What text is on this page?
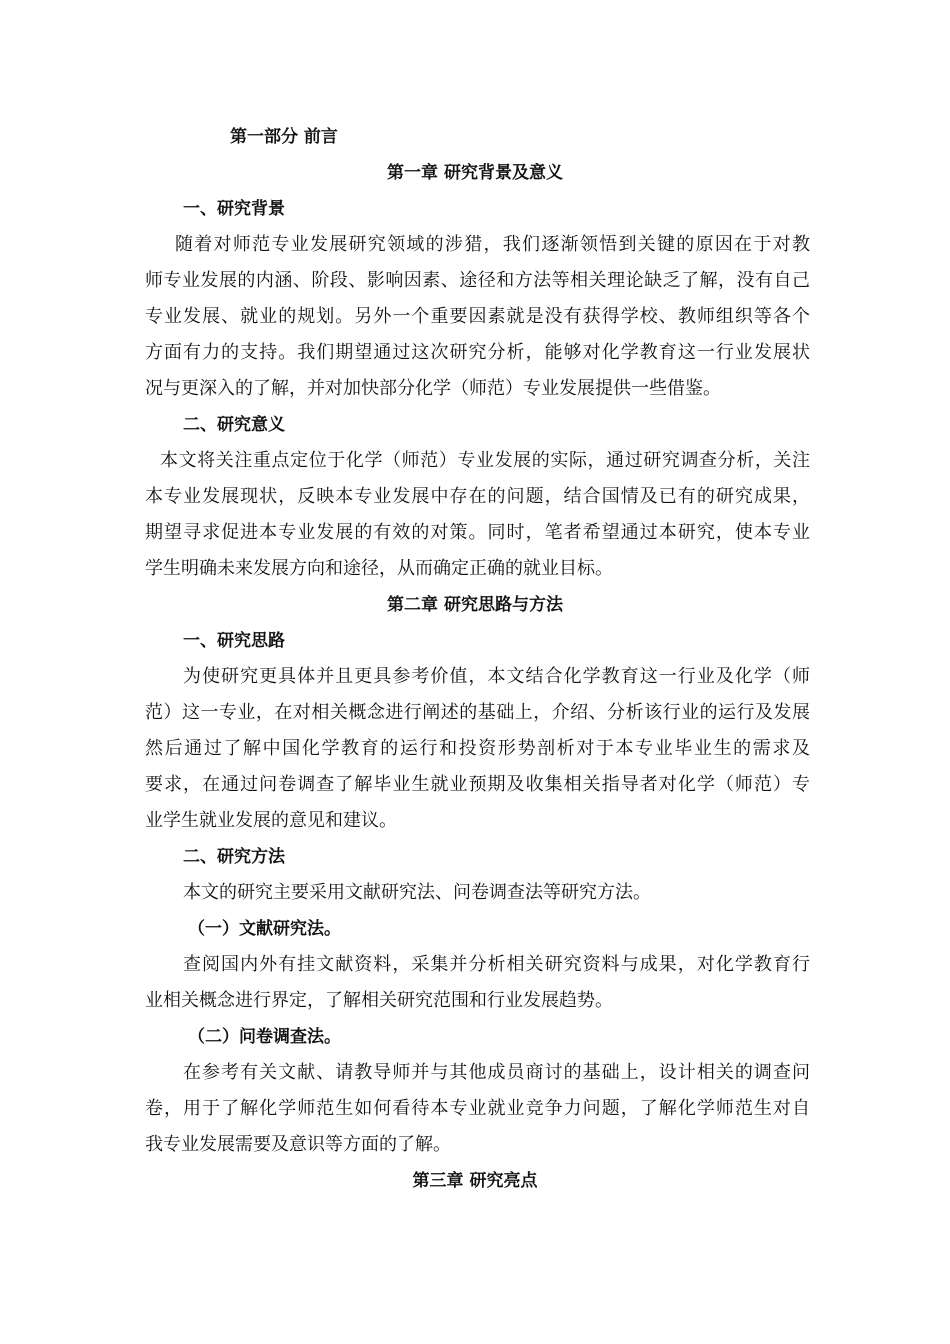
第一部分 前言

第一章 研究背景及意义

一、研究背景

随着对师范专业发展研究领域的涉猎，我们逐渐领悟到关键的原因在于对教

师专业发展的内涵、阶段、影响因素、途径和方法等相关理论缺乏了解，没有自己

专业发展、就业的规划。另外一个重要因素就是没有获得学校、教师组织等各个

方面有力的支持。我们期望通过这次研究分析，能够对化学教育这一行业发展状

况与更深入的了解，并对加快部分化学（师范）专业发展提供一些借鉴。

二、研究意义

本文将关注重点定位于化学（师范）专业发展的实际，通过研究调查分析，关注

本专业发展现状，反映本专业发展中存在的问题，结合国情及已有的研究成果，

期望寻求促进本专业发展的有效的对策。同时，笔者希望通过本研究，使本专业

学生明确未来发展方向和途径，从而确定正确的就业目标。

第二章 研究思路与方法

一、研究思路

为使研究更具体并且更具参考价值，本文结合化学教育这一行业及化学（师

范）这一专业，在对相关概念进行阐述的基础上，介绍、分析该行业的运行及发展

然后通过了解中国化学教育的运行和投资形势剖析对于本专业毕业生的需求及

要求，在通过问卷调查了解毕业生就业预期及收集相关指导者对化学（师范）专

业学生就业发展的意见和建议。

二、研究方法

本文的研究主要采用文献研究法、问卷调查法等研究方法。

（一）文献研究法。

查阅国内外有挂文献资料，采集并分析相关研究资料与成果，对化学教育行

业相关概念进行界定，了解相关研究范围和行业发展趋势。

（二）问卷调查法。

在参考有关文献、请教导师并与其他成员商讨的基础上，设计相关的调查问

卷，用于了解化学师范生如何看待本专业就业竞争力问题，了解化学师范生对自

我专业发展需要及意识等方面的了解。

第三章 研究亮点
